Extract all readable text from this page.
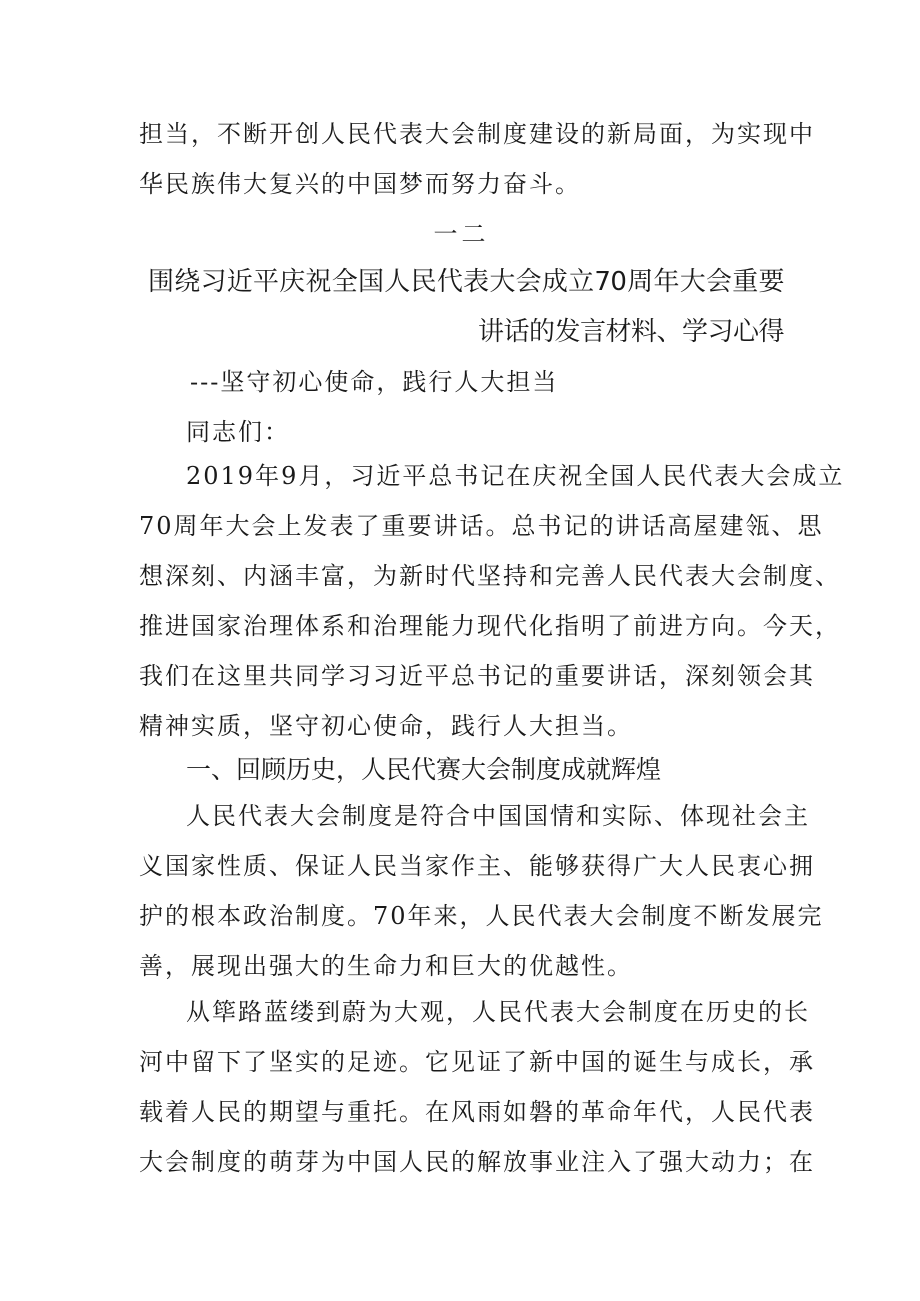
担当，不断开创人民代表大会制度建设的新局面，为实现中
华民族伟大复兴的中国梦而努力奋斗。
一二
围绕习近平庆祝全国人民代表大会成立70周年大会重要
讲话的发言材料、学习心得
---坚守初心使命，践行人大担当
同志们：
2019年9月，习近平总书记在庆祝全国人民代表大会成立
70周年大会上发表了重要讲话。总书记的讲话高屋建瓴、思
想深刻、内涵丰富，为新时代坚持和完善人民代表大会制度、
推进国家治理体系和治理能力现代化指明了前进方向。今天，
我们在这里共同学习习近平总书记的重要讲话，深刻领会其
精神实质，坚守初心使命，践行人大担当。
一、回顾历史，人民代赛大会制度成就辉煌
人民代表大会制度是符合中国国情和实际、体现社会主
义国家性质、保证人民当家作主、能够获得广大人民衷心拥
护的根本政治制度。70年来，人民代表大会制度不断发展完
善，展现出强大的生命力和巨大的优越性。
从筚路蓝缕到蔚为大观，人民代表大会制度在历史的长
河中留下了坚实的足迹。它见证了新中国的诞生与成长，承
载着人民的期望与重托。在风雨如磐的革命年代，人民代表
大会制度的萌芽为中国人民的解放事业注入了强大动力；在
